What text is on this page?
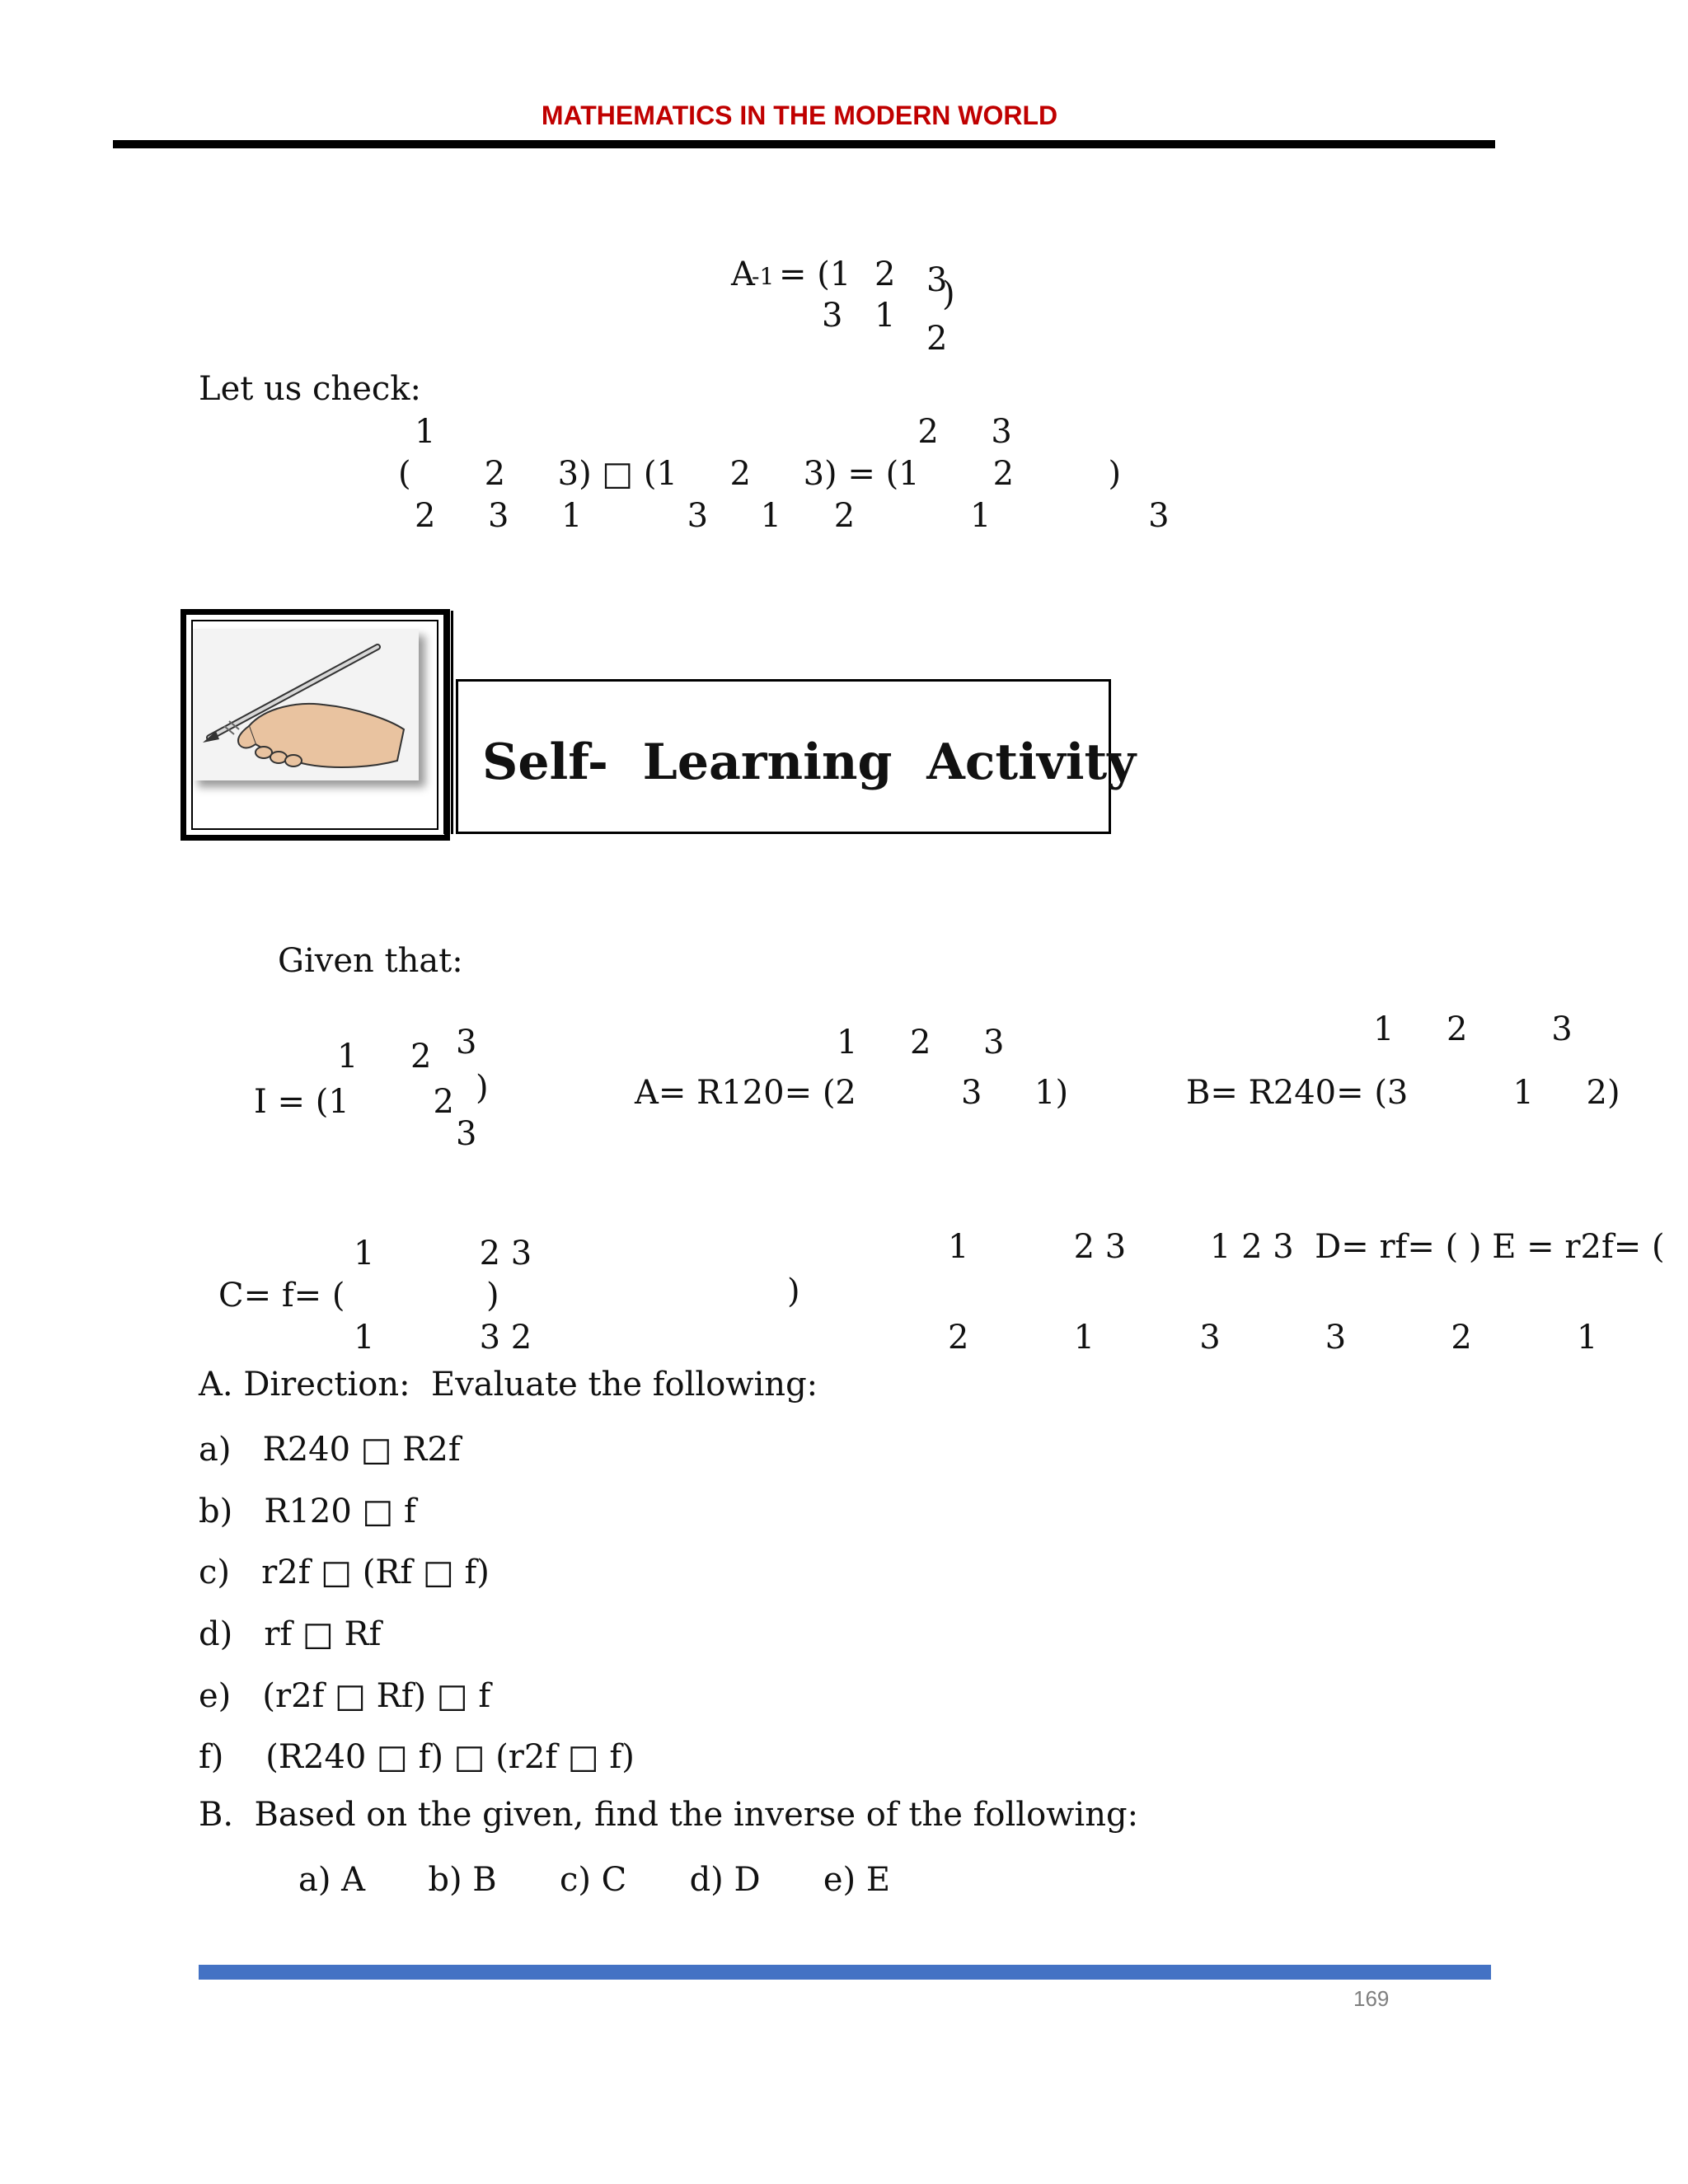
MATHEMATICS IN THE MODERN WORLD
A
-1 = (1 2 3
)
3 1
2
Let us check:
1                                              2     3
(       2     3) □ (1     2     3) = (1       2         )
2     3     1          3     1     2           1               3
Self-  Learning  Activity
Given that:
1     2 3
I = (1        2 )
3
1     2     3
A= R120= (2          3     1)
1     2        3
B= R240= (3          1     2)
1          2 3
C= f= (	)
1          3 2
)
1          2 3        1 2 3  D= rf= ( ) E = r2f= (
2          1          3          3          2          1
A. Direction:  Evaluate the following:
a)   R240 □ R2f
b)   R120 □ f
c)   r2f □ (Rf □ f)
d)   rf □ Rf
e)   (r2f □ Rf) □ f
f)    (R240 □ f) □ (r2f □ f)
B.  Based on the given, find the inverse of the following:
a) A      b) B      c) C      d) D      e) E
169
